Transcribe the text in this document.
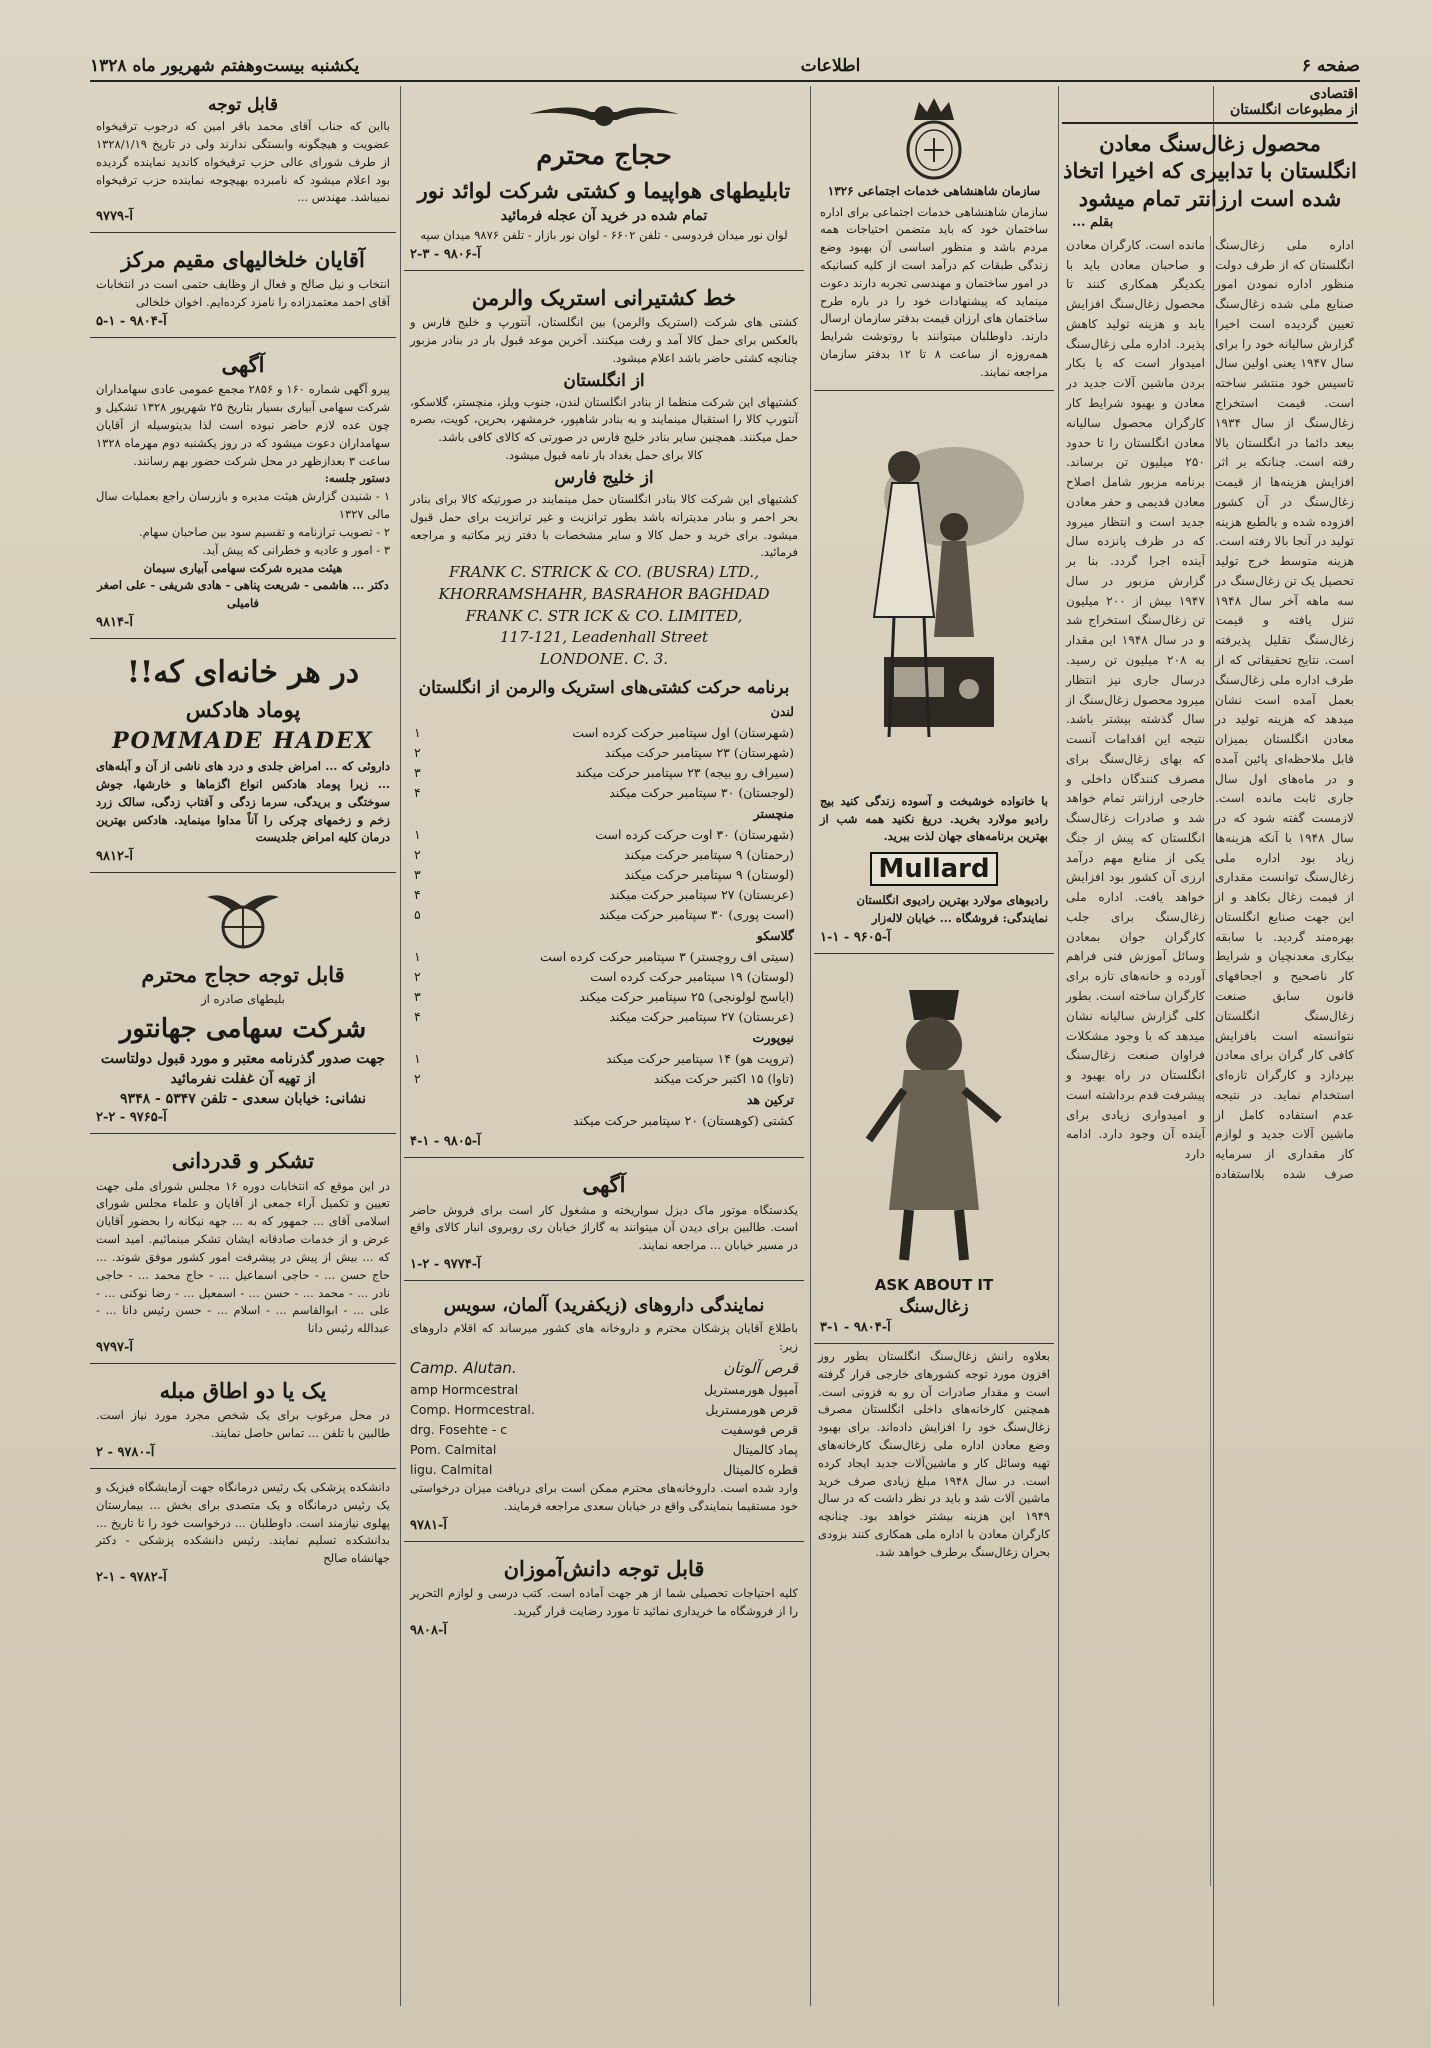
صفحه ۶
اطلاعات
یکشنبه بیست‌وهفتم شهریور ماه ۱۳۲۸
اقتصادی
از مطبوعات انگلستان
محصول زغال‌سنگ معادن انگلستان با تدابیری که اخیرا اتخاذ شده است ارزانتر تمام میشود
بقلم ...
اداره ملی زغال‌سنگ انگلستان که از طرف دولت منظور اداره نمودن امور صنایع ملی شده زغال‌سنگ تعیین گردیده است اخیرا گزارش سالیانه خود را برای سال ۱۹۴۷ یعنی اولین سال تاسیس خود منتشر ساخته است. قیمت استخراج زغال‌سنگ از سال ۱۹۳۴ ببعد دائما در انگلستان بالا رفته است. چنانکه بر اثر افزایش هزینه‌ها از قیمت زغال‌سنگ در آن کشور افزوده شده و بالطبع هزینه تولید در آنجا بالا رفته است. هزینه متوسط خرج تولید تحصیل یک تن زغال‌سنگ در سه ماهه آخر سال ۱۹۴۸ تنزل یافته و قیمت زغال‌سنگ تقلیل پذیرفته است. نتایج تحقیقاتی که از طرف اداره ملی زغال‌سنگ بعمل آمده است نشان میدهد که هزینه تولید در معادن انگلستان بمیزان قابل ملاحظه‌ای پائین آمده و در ماه‌های اول سال جاری ثابت مانده است. لازمست گفته شود که در سال ۱۹۴۸ با آنکه هزینه‌ها زیاد بود اداره ملی زغال‌سنگ توانست مقداری از قیمت زغال بکاهد و از این جهت صنایع انگلستان بهره‌مند گردید. با سابقه بیکاری معدنچیان و شرایط کار ناصحیح و اجحافهای قانون سابق صنعت زغال‌سنگ انگلستان نتوانسته است بافزایش کافی کار گران برای معادن بپردازد و کارگران تازه‌ای استخدام نماید. در نتیجه عدم استفاده کامل از ماشین آلات جدید و لوازم کار مقداری از سرمایه صرف شده بلااستفاده مانده است. کارگران معادن و صاحبان معادن باید با یکدیگر همکاری کنند تا محصول زغال‌سنگ افزایش یابد و هزینه تولید کاهش پذیرد. اداره ملی زغال‌سنگ امیدوار است که با بکار بردن ماشین آلات جدید در معادن و بهبود شرایط کار کارگران محصول سالیانه معادن انگلستان را تا حدود ۲۵۰ میلیون تن برساند. برنامه مزبور شامل اصلاح معادن قدیمی و حفر معادن جدید است و انتظار میرود که در ظرف پانزده سال آینده اجرا گردد. بنا بر گزارش مزبور در سال ۱۹۴۷ بیش از ۲۰۰ میلیون تن زغال‌سنگ استخراج شد و در سال ۱۹۴۸ این مقدار به ۲۰۸ میلیون تن رسید. درسال جاری نیز انتظار میرود محصول زغال‌سنگ از سال گذشته بیشتر باشد. نتیجه این اقدامات آنست که بهای زغال‌سنگ برای مصرف کنندگان داخلی و خارجی ارزانتر تمام خواهد شد و صادرات زغال‌سنگ انگلستان که پیش از جنگ یکی از منابع مهم درآمد ارزی آن کشور بود افزایش خواهد یافت. اداره ملی زغال‌سنگ برای جلب کارگران جوان بمعادن وسائل آموزش فنی فراهم آورده و خانه‌های تازه برای کارگران ساخته است. بطور کلی گزارش سالیانه نشان میدهد که با وجود مشکلات فراوان صنعت زغال‌سنگ انگلستان در راه بهبود و پیشرفت قدم برداشته است و امیدواری زیادی برای آینده آن وجود دارد. ادامه دارد
سازمان شاهنشاهی خدمات اجتماعی ۱۳۲۶
سازمان شاهنشاهی خدمات اجتماعی برای اداره ساختمان خود که باید متضمن احتیاجات همه مردم باشد و منظور اساسی آن بهبود وضع زندگی طبقات کم درآمد است از کلیه کسانیکه در امور ساختمان و مهندسی تجربه دارند دعوت مینماید که پیشنهادات خود را در باره طرح ساختمان های ارزان قیمت بدفتر سازمان ارسال دارند. داوطلبان میتوانند با روتوشت شرایط همه‌روزه از ساعت ۸ تا ۱۲ بدفتر سازمان مراجعه نمایند.
با خانواده خوشبخت و آسوده زندگی کنید بیج رادیو مولارد بخرید. دریغ نکنید همه شب از بهترین برنامه‌های جهان لذت ببرید.
Mullard
رادیوهای مولارد بهترین رادیوی انگلستان
نمایندگی: فروشگاه ... خیابان لاله‌زار
آ-۹۶۰۵ - ۱-۱
ASK ABOUT IT
زغال‌سنگ
آ-۹۸۰۴ - ۱-۳
بعلاوه رانش زغال‌سنگ انگلستان بطور روز افزون مورد توجه کشورهای خارجی قرار گرفته است و مقدار صادرات آن رو به فزونی است. همچنین کارخانه‌های داخلی انگلستان مصرف زغال‌سنگ خود را افزایش داده‌اند. برای بهبود وضع معادن اداره ملی زغال‌سنگ کارخانه‌های تهیه وسائل کار و ماشین‌آلات جدید ایجاد کرده است. در سال ۱۹۴۸ مبلغ زیادی صرف خرید ماشین آلات شد و باید در نظر داشت که در سال ۱۹۴۹ این هزینه بیشتر خواهد بود. چنانچه کارگران معادن با اداره ملی همکاری کنند بزودی بحران زغال‌سنگ برطرف خواهد شد.
حجاج محترم
تابلیطهای هواپیما و کشتی شرکت لوائد نور
تمام شده در خرید آن عجله فرمائید
لوان نور میدان فردوسی - تلفن ۶۶۰۲ - لوان نور بازار - تلفن ۹۸۷۶ میدان سپه
آ-۹۸۰۶ - ۳-۲
خط کشتیرانی استریک والرمن
کشتی های شرکت (استریک والرمن) بین انگلستان، آنتورپ و خلیج فارس و بالعکس برای حمل کالا آمد و رفت میکنند. آخرین موعد قبول بار در بنادر مزبور چنانچه کشتی حاضر باشد اعلام میشود.
از انگلستان
کشتیهای این شرکت منظما از بنادر انگلستان لندن، جنوب ویلز، منچستر، گلاسکو، آنتورپ کالا را استقبال مینمایند و به بنادر شاهپور، خرمشهر، بحرین، کویت، بصره حمل میکنند. همچنین سایر بنادر خلیج فارس در صورتی که کالای کافی باشد.
کالا برای حمل بغداد بار نامه قبول میشود.
از خلیج فارس
کشتیهای این شرکت کالا بنادر انگلستان حمل مینمایند در صورتیکه کالا برای بنادر بحر احمر و بنادر مدیترانه باشد بطور ترانزیت و غیر ترانزیت برای حمل قبول میشود. برای خرید و حمل کالا و سایر مشخصات با دفتر زیر مکاتبه و مراجعه فرمائید.
FRANK C. STRICK & CO. (BUSRA) LTD.,
KHORRAMSHAHR, BASRAHOR BAGHDAD
FRANK C. STR ICK & CO. LIMITED,
117-121, Leadenhall Street
LONDONE. C. 3.
برنامه حرکت کشتی‌های استریک والرمن از انگلستان
لندن
(شهرستان) اول سپتامبر حرکت کرده است
۱
(شهرستان) ۲۳ سپتامبر حرکت میکند
۲
(سیراف رو بیجه) ۲۳ سپتامبر حرکت میکند
۳
(لوجستان) ۳۰ سپتامبر حرکت میکند
۴
منچستر
(شهرستان) ۳۰ اوت حرکت کرده است
۱
(رحمتان) ۹ سپتامبر حرکت میکند
۲
(لوستان) ۹ سپتامبر حرکت میکند
۳
(عربستان) ۲۷ سپتامبر حرکت میکند
۴
(است پوری) ۳۰ سپتامبر حرکت میکند
۵
گلاسکو
(سیتی اف روچستر) ۳ سپتامبر حرکت کرده است
۱
(لوستان) ۱۹ سپتامبر حرکت کرده است
۲
(ایاسج لولونجی) ۲۵ سپتامبر حرکت میکند
۳
(عربستان) ۲۷ سپتامبر حرکت میکند
۴
نیوپورت
(تروپت هو) ۱۴ سپتامبر حرکت میکند
۱
(تاوا) ۱۵ اکتبر حرکت میکند
۲
ترکین هد
کشتی (کوهستان) ۲۰ سپتامبر حرکت میکند
آ-۹۸۰۵ - ۱-۴
آگهی
یکدستگاه موتور ماک دیزل سواریخته و مشغول کار است برای فروش حاضر است. طالبین برای دیدن آن میتوانند به گاراژ خیابان ری روبروی انبار کالای واقع در مسیر خیابان ... مراجعه نمایند.
آ-۹۷۷۴ - ۲-۱
نمایندگی داروهای (زیکفرید) آلمان، سویس
باطلاع آقایان پزشکان محترم و داروخانه های کشور میرساند که اقلام داروهای زیر:
قرص آلوتان
Camp. Alutan.
آمپول هورمستریل
amp Hormcestral
قرص هورمستریل
Comp. Hormcestral.
قرص فوسفیت
drg. Fosehte - c
پماد کالمیتال
Pom. Calmital
قطره کالمیتال
ligu. Calmital
وارد شده است. داروخانه‌های محترم ممکن است برای دریافت میزان درخواستی خود مستقیما بنمایندگی واقع در خیابان سعدی مراجعه فرمایند.
آ-۹۷۸۱
قابل توجه دانش‌آموزان
کلیه احتیاجات تحصیلی شما از هر جهت آماده است. کتب درسی و لوازم التحریر را از فروشگاه ما خریداری نمائید تا مورد رضایت قرار گیرید.
آ-۹۸۰۸
قابل توجه
بااین که جناب آقای محمد باقر امین که درجوب ترقیخواه عضویت و هیچگونه وابستگی ندارند ولی در تاریخ ۱۳۲۸/۱/۱۹ از طرف شورای عالی حزب ترقیخواه کاندید نماینده گردیده بود اعلام میشود که نامبرده بهیچوجه نماینده حزب ترقیخواه نمیباشد. مهندس ...
آ-۹۷۷۹
آقایان خلخالیهای مقیم مرکز
انتخاب و نیل صالح و فعال از وظایف حتمی است در انتخابات آقای احمد معتمدزاده را نامزد کرده‌ایم. اخوان خلخالی
آ-۹۸۰۴ - ۱-۵
آگهی
پیرو آگهی شماره ۱۶۰ و ۲۸۵۶ مجمع عمومی عادی سهامداران شرکت سهامی آبیاری بسیار بتاریخ ۲۵ شهریور ۱۳۲۸ تشکیل و چون عده لازم حاضر نبوده است لذا بدینوسیله از آقایان سهامداران دعوت میشود که در روز یکشنبه دوم مهرماه ۱۳۲۸ ساعت ۳ بعدازظهر در محل شرکت حضور بهم رسانند.
دستور جلسه:
۱ - شنیدن گزارش هیئت مدیره و بازرسان راجع بعملیات سال مالی ۱۳۲۷
۲ - تصویب ترازنامه و تقسیم سود بین صاحبان سهام.
۳ - امور و عادیه و خطرانی که پیش آید.
هیئت مدیره شرکت سهامی آبیاری سیمان
دکتر ... هاشمی - شریعت پناهی - هادی شریفی - علی اصغر فامیلی
آ-۹۸۱۴
در هر خانه‌ای که!!
پوماد هادکس
POMMADE HADEX
داروئی که ... امراض جلدی و درد های ناشی از آن و آبله‌های ... زیرا پوماد هادکس انواع اگزماها و خارشها، جوش سوختگی و بریدگی، سرما زدگی و آفتاب زدگی، سالک زرد زخم و زخمهای چرکی را آناً مداوا مینماید. هادکس بهترین درمان کلیه امراض جلدیست
آ-۹۸۱۲
قابل توجه حجاج محترم
بلیطهای صادره از
شرکت سهامی جهانتور
جهت صدور گذرنامه معتبر و مورد قبول دولتاست
از تهیه آن غفلت نفرمائید
نشانی: خیابان سعدی - تلفن ۵۳۴۷ - ۹۳۴۸
آ-۹۷۶۵ - ۲-۲
تشکر و قدردانی
در این موقع که انتخابات دوره ۱۶ مجلس شورای ملی جهت تعیین و تکمیل آراء جمعی از آقایان و علماء مجلس شورای اسلامی آقای ... جمهور که به ... جهه نیکانه را بحضور آقایان عرض و از خدمات صادقانه ایشان تشکر مینمائیم. امید است که ... بیش از پیش در پیشرفت امور کشور موفق شوند. ... حاج حسن ... - حاجی اسماعیل ... - حاج محمد ... - حاجی نادر ... - محمد ... - حسن ... - اسمعیل ... - رضا نوکنی ... - علی ... - ابوالقاسم ... - اسلام ... - حسن رئیس دانا ... - عبدالله رئیس دانا
آ-۹۷۹۷
یک یا دو اطاق مبله
در محل مرغوب برای یک شخص مجرد مورد نیاز است. طالبین با تلفن ... تماس حاصل نمایند.
آ-۹۷۸۰ - ۲
دانشکده پزشکی یک رئیس درمانگاه جهت آزمایشگاه فیزیک و یک رئیس درمانگاه و یک متصدی برای بخش ... بیمارستان پهلوی نیازمند است. داوطلبان ... درخواست خود را تا تاریخ ... بدانشکده تسلیم نمایند. رئیس دانشکده پزشکی - دکتر جهانشاه صالح
آ-۹۷۸۲ - ۱-۲
